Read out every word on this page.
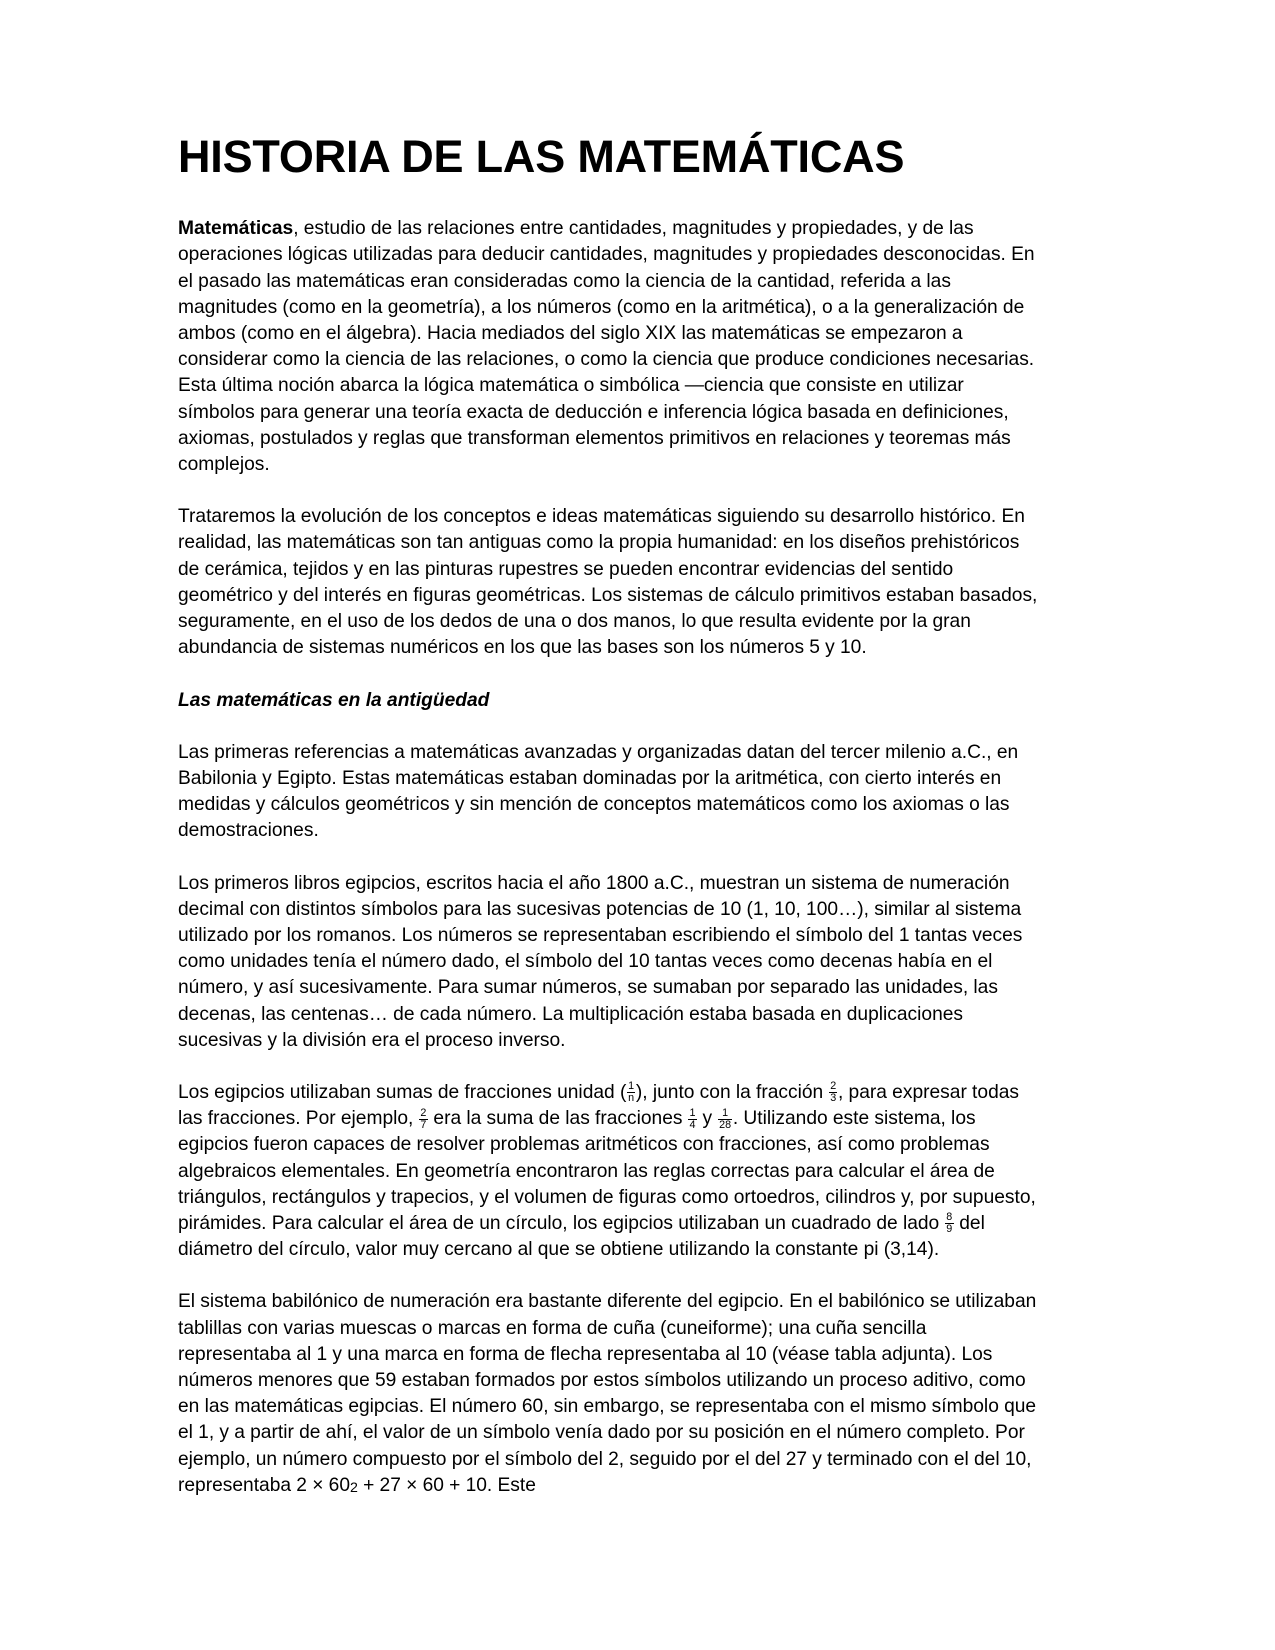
HISTORIA DE LAS MATEMÁTICAS

Matemáticas, estudio de las relaciones entre cantidades, magnitudes y propiedades, y de las operaciones lógicas utilizadas para deducir cantidades, magnitudes y propiedades desconocidas. En el pasado las matemáticas eran consideradas como la ciencia de la cantidad, referida a las magnitudes (como en la geometría), a los números (como en la aritmética), o a la generalización de ambos (como en el álgebra). Hacia mediados del siglo XIX las matemáticas se empezaron a considerar como la ciencia de las relaciones, o como la ciencia que produce condiciones necesarias. Esta última noción abarca la lógica matemática o simbólica —ciencia que consiste en utilizar símbolos para generar una teoría exacta de deducción e inferencia lógica basada en definiciones, axiomas, postulados y reglas que transforman elementos primitivos en relaciones y teoremas más complejos.

Trataremos la evolución de los conceptos e ideas matemáticas siguiendo su desarrollo histórico. En realidad, las matemáticas son tan antiguas como la propia humanidad: en los diseños prehistóricos de cerámica, tejidos y en las pinturas rupestres se pueden encontrar evidencias del sentido geométrico y del interés en figuras geométricas. Los sistemas de cálculo primitivos estaban basados, seguramente, en el uso de los dedos de una o dos manos, lo que resulta evidente por la gran abundancia de sistemas numéricos en los que las bases son los números 5 y 10.

Las matemáticas en la antigüedad

Las primeras referencias a matemáticas avanzadas y organizadas datan del tercer milenio a.C., en Babilonia y Egipto. Estas matemáticas estaban dominadas por la aritmética, con cierto interés en medidas y cálculos geométricos y sin mención de conceptos matemáticos como los axiomas o las demostraciones.

Los primeros libros egipcios, escritos hacia el año 1800 a.C., muestran un sistema de numeración decimal con distintos símbolos para las sucesivas potencias de 10 (1, 10, 100…), similar al sistema utilizado por los romanos. Los números se representaban escribiendo el símbolo del 1 tantas veces como unidades tenía el número dado, el símbolo del 10 tantas veces como decenas había en el número, y así sucesivamente. Para sumar números, se sumaban por separado las unidades, las decenas, las centenas… de cada número. La multiplicación estaba basada en duplicaciones sucesivas y la división era el proceso inverso.

Los egipcios utilizaban sumas de fracciones unidad ( $\frac{1}{n}$ ), junto con la fracción $\frac{2}{3}$ , para expresar todas las fracciones. Por ejemplo, $\frac{2}{7}$ era la suma de las fracciones $\frac{1}{4}$ y $\frac{1}{28}$ . Utilizando este sistema, los egipcios fueron capaces de resolver problemas aritméticos con fracciones, así como problemas algebraicos elementales. En geometría encontraron las reglas correctas para calcular el área de triángulos, rectángulos y trapecios, y el volumen de figuras como ortoedros, cilindros y, por supuesto, pirámides. Para calcular el área de un círculo, los egipcios utilizaban un cuadrado de lado $\frac{8}{9}$ del diámetro del círculo, valor muy cercano al que se obtiene utilizando la constante pi (3,14).

El sistema babilónico de numeración era bastante diferente del egipcio. En el babilónico se utilizaban tablillas con varias muescas o marcas en forma de cuña (cuneiforme); una cuña sencilla representaba al 1 y una marca en forma de flecha representaba al 10 (véase tabla adjunta). Los números menores que 59 estaban formados por estos símbolos utilizando un proceso aditivo, como en las matemáticas egipcias. El número 60, sin embargo, se representaba con el mismo símbolo que el 1, y a partir de ahí, el valor de un símbolo venía dado por su posición en el número completo. Por ejemplo, un número compuesto por el símbolo del 2, seguido por el del 27 y terminado con el del 10, representaba 2 × 602 + 27 × 60 + 10. Este
